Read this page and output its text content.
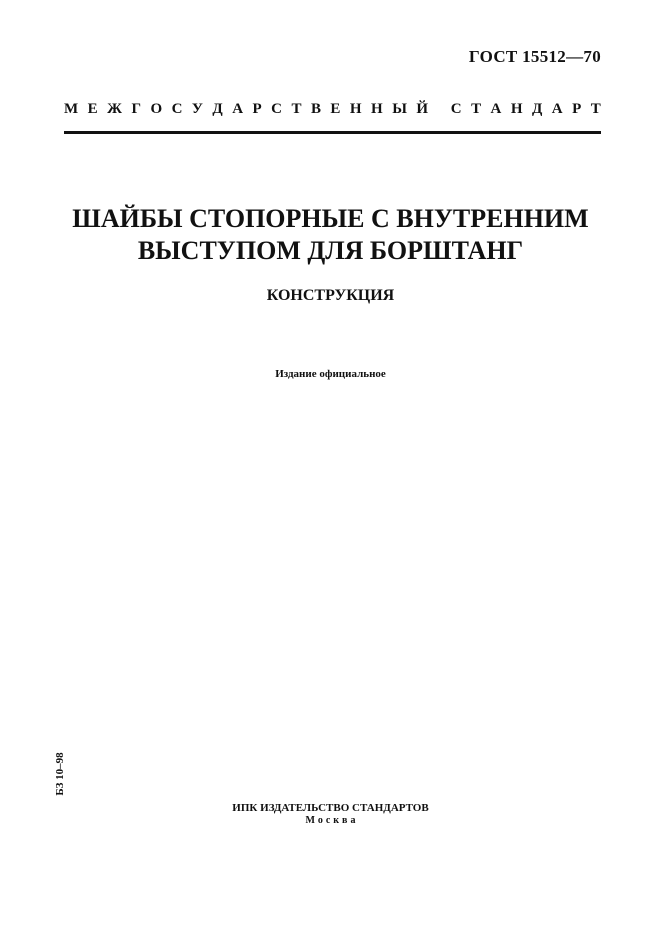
ГОСТ 15512—70
М Е Ж Г О С У Д А Р С Т В Е Н Н Ы Й
С Т А Н Д А Р Т
ШАЙБЫ СТОПОРНЫЕ С ВНУТРЕННИМ
ВЫСТУПОМ ДЛЯ БОРШТАНГ
КОНСТРУКЦИЯ
Издание официальное
БЗ 10–98
ИПК ИЗДАТЕЛЬСТВО СТАНДАРТОВ
Москва
